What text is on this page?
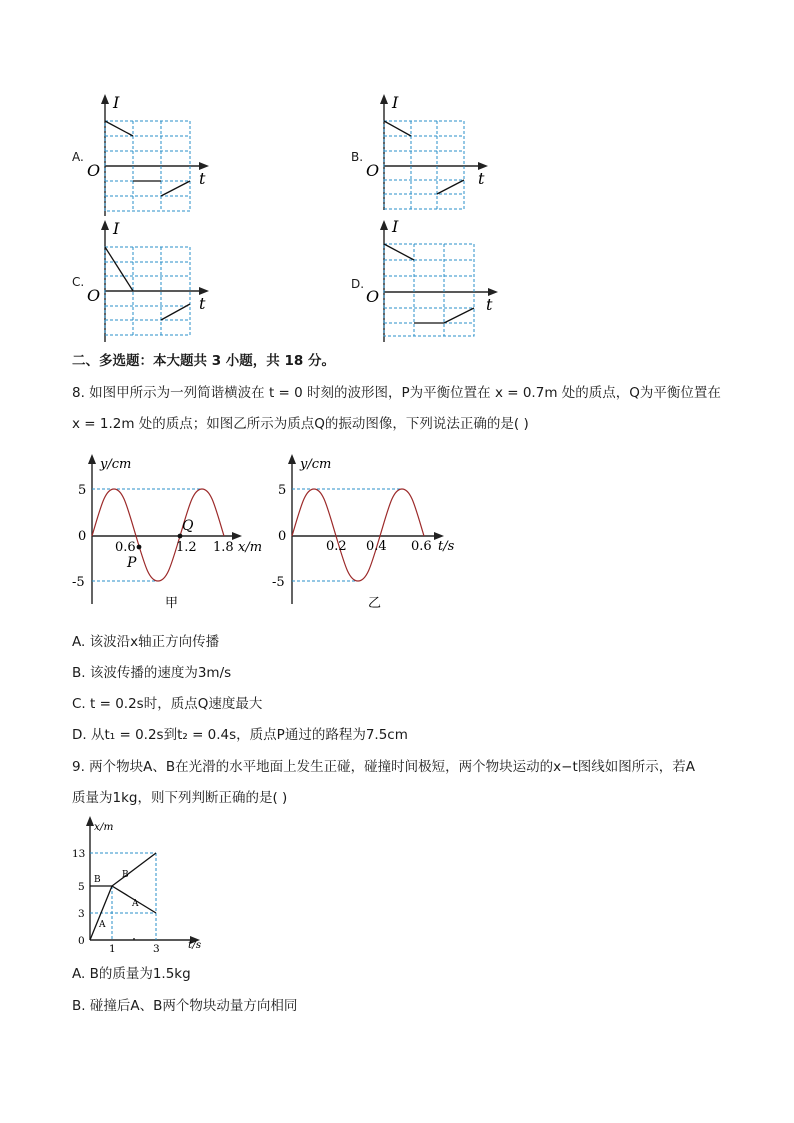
A.
I
O	t
B.
I
O	t
C.
I
O	t
D.
I
O	t
二、多选题：本大题共 3 小题，共 18 分。
8. 如图甲所示为一列简谐横波在 t = 0 时刻的波形图，P为平衡位置在 x = 0.7m 处的质点，Q为平衡位置在
x = 1.2m 处的质点；如图乙所示为质点Q的振动图像，下列说法正确的是( )
y/cm
5
0
-5
0.6	1.2 1.8 x/m
P
Q
甲
y/cm
5
0
-5
0.2 0.4 0.6 t/s
乙
A. 该波沿x轴正方向传播
B. 该波传播的速度为3m/s
C. t = 0.2s时，质点Q速度最大
D. 从t₁ = 0.2s到t₂ = 0.4s，质点P通过的路程为7.5cm
9. 两个物块A、B在光滑的水平地面上发生正碰，碰撞时间极短，两个物块运动的x−t图线如图所示，若A
质量为1kg，则下列判断正确的是( )
x/m
13
5
3
0
1	3	t/s
B B
A
A
A. B的质量为1.5kg
B. 碰撞后A、B两个物块动量方向相同
